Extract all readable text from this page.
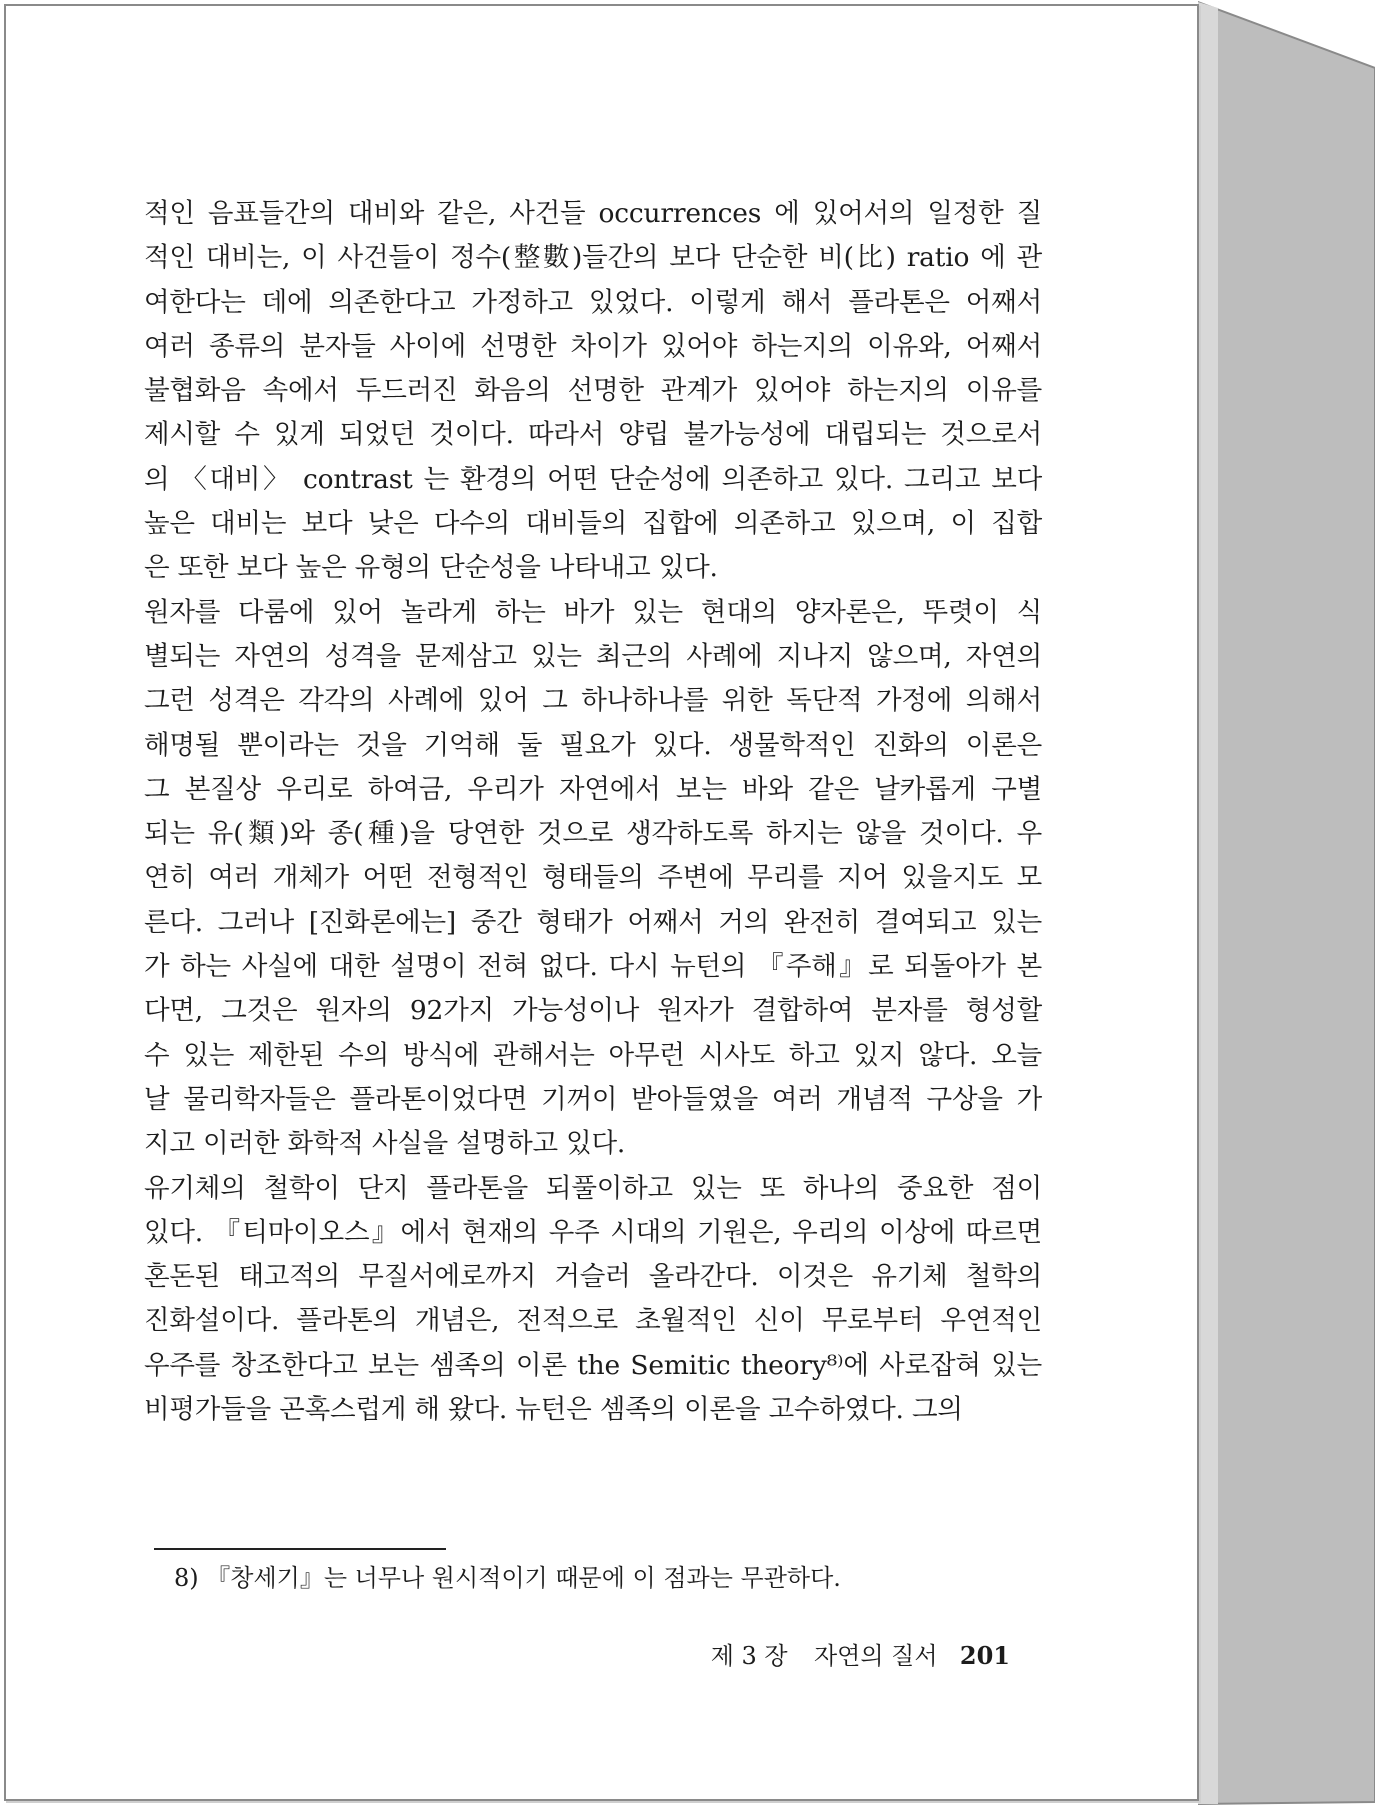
적인 음표들간의 대비와 같은, 사건들 occurrences 에 있어서의 일정한 질
적인 대비는, 이 사건들이 정수(整數)들간의 보다 단순한 비(比) ratio 에 관
여한다는 데에 의존한다고 가정하고 있었다. 이렇게 해서 플라톤은 어째서
여러 종류의 분자들 사이에 선명한 차이가 있어야 하는지의 이유와, 어째서
불협화음 속에서 두드러진 화음의 선명한 관계가 있어야 하는지의 이유를
제시할 수 있게 되었던 것이다. 따라서 양립 불가능성에 대립되는 것으로서
의 〈대비〉 contrast 는 환경의 어떤 단순성에 의존하고 있다. 그리고 보다
높은 대비는 보다 낮은 다수의 대비들의 집합에 의존하고 있으며, 이 집합
은 또한 보다 높은 유형의 단순성을 나타내고 있다.
원자를 다룸에 있어 놀라게 하는 바가 있는 현대의 양자론은, 뚜렷이 식
별되는 자연의 성격을 문제삼고 있는 최근의 사례에 지나지 않으며, 자연의
그런 성격은 각각의 사례에 있어 그 하나하나를 위한 독단적 가정에 의해서
해명될 뿐이라는 것을 기억해 둘 필요가 있다. 생물학적인 진화의 이론은
그 본질상 우리로 하여금, 우리가 자연에서 보는 바와 같은 날카롭게 구별
되는 유(類)와 종(種)을 당연한 것으로 생각하도록 하지는 않을 것이다. 우
연히 여러 개체가 어떤 전형적인 형태들의 주변에 무리를 지어 있을지도 모
른다. 그러나 [진화론에는] 중간 형태가 어째서 거의 완전히 결여되고 있는
가 하는 사실에 대한 설명이 전혀 없다. 다시 뉴턴의 『주해』로 되돌아가 본
다면, 그것은 원자의 92가지 가능성이나 원자가 결합하여 분자를 형성할
수 있는 제한된 수의 방식에 관해서는 아무런 시사도 하고 있지 않다. 오늘
날 물리학자들은 플라톤이었다면 기꺼이 받아들였을 여러 개념적 구상을 가
지고 이러한 화학적 사실을 설명하고 있다.
유기체의 철학이 단지 플라톤을 되풀이하고 있는 또 하나의 중요한 점이
있다. 『티마이오스』에서 현재의 우주 시대의 기원은, 우리의 이상에 따르면
혼돈된 태고적의 무질서에로까지 거슬러 올라간다. 이것은 유기체 철학의
진화설이다. 플라톤의 개념은, 전적으로 초월적인 신이 무로부터 우연적인
우주를 창조한다고 보는 셈족의 이론 the Semitic theory⁸⁾에 사로잡혀 있는
비평가들을 곤혹스럽게 해 왔다. 뉴턴은 셈족의 이론을 고수하였다. 그의
8) 『창세기』는 너무나 원시적이기 때문에 이 점과는 무관하다.
제 3 장 자연의 질서 201
